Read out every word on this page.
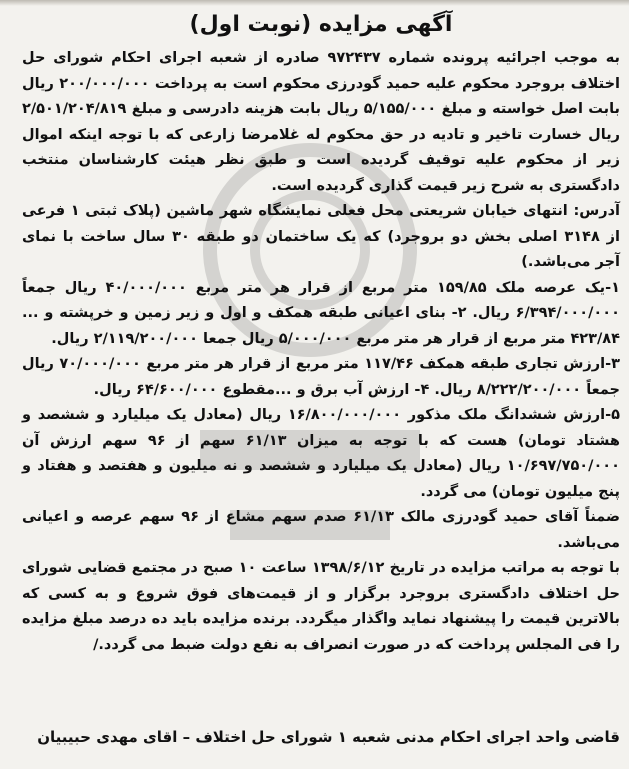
آگهی مزایده (نوبت اول)

به موجب اجرائیه پرونده شماره ۹۷۲۴۳۷ صادره از شعبه اجرای احکام شورای حل اختلاف بروجرد محکوم علیه حمید گودرزی محکوم است به پرداخت ۲۰۰/۰۰۰/۰۰۰ ریال بابت اصل خواسته و مبلغ ۵/۱۵۵/۰۰۰ ریال بابت هزینه دادرسی و مبلغ ۲/۵۰۱/۲۰۴/۸۱۹ ریال خسارت تاخیر و تادیه در حق محکوم له غلامرضا زارعی که با توجه اینکه اموال زیر از محکوم علیه توقیف گردیده است و طبق نظر هیئت کارشناسان منتخب دادگستری به شرح زیر قیمت گذاری گردیده است.

آدرس: انتهای خیابان شریعتی محل فعلی نمایشگاه شهر ماشین (پلاک ثبتی ۱ فرعی از ۳۱۴۸ اصلی بخش دو بروجرد) که یک ساختمان دو طبقه ۳۰ سال ساخت با نمای آجر می‌باشد.)

۱-یک عرصه ملک ۱۵۹/۸۵ متر مربع از قرار هر متر مربع ۴۰/۰۰۰/۰۰۰ ریال جمعاً ۶/۳۹۴/۰۰۰/۰۰۰ ریال. ۲- بنای اعیانی طبقه همکف و اول و زیر زمین و خرپشته و ... ۴۲۳/۸۴ متر مربع از قرار هر متر مربع ۵/۰۰۰/۰۰۰ ریال جمعا ۲/۱۱۹/۲۰۰/۰۰۰ ریال.

۳-ارزش تجاری طبقه همکف ۱۱۷/۴۶ متر مربع از قرار هر متر مربع ۷۰/۰۰۰/۰۰۰ ریال جمعاً ۸/۲۲۲/۲۰۰/۰۰۰ ریال. ۴- ارزش آب برق و ...مقطوع ۶۴/۶۰۰/۰۰۰ ریال.

۵-ارزش ششدانگ ملک مذکور ۱۶/۸۰۰/۰۰۰/۰۰۰ ریال (معادل یک میلیارد و ششصد و هشتاد تومان) هست که با توجه به میزان ۶۱/۱۳ سهم از ۹۶ سهم ارزش آن ۱۰/۶۹۷/۷۵۰/۰۰۰ ریال (معادل یک میلیارد و ششصد و نه میلیون و هفتصد و هفتاد و پنج میلیون تومان) می گردد.

ضمناً آقای حمید گودرزی مالک ۶۱/۱۳ صدم سهم مشاع از ۹۶ سهم عرصه و اعیانی می‌باشد.

با توجه به مراتب مزایده در تاریخ ۱۳۹۸/۶/۱۲ ساعت ۱۰ صبح در مجتمع قضایی شورای حل اختلاف دادگستری بروجرد برگزار و از قیمت‌های فوق شروع و به کسی که بالاترین قیمت را پیشنهاد نماید واگذار میگردد. برنده مزایده باید ده درصد مبلغ مزایده را فی المجلس پرداخت که در صورت انصراف به نفع دولت ضبط می گردد./

قاضی واحد اجرای احکام مدنی شعبه ۱ شورای حل اختلاف – اقای مهدی حبیبیان
